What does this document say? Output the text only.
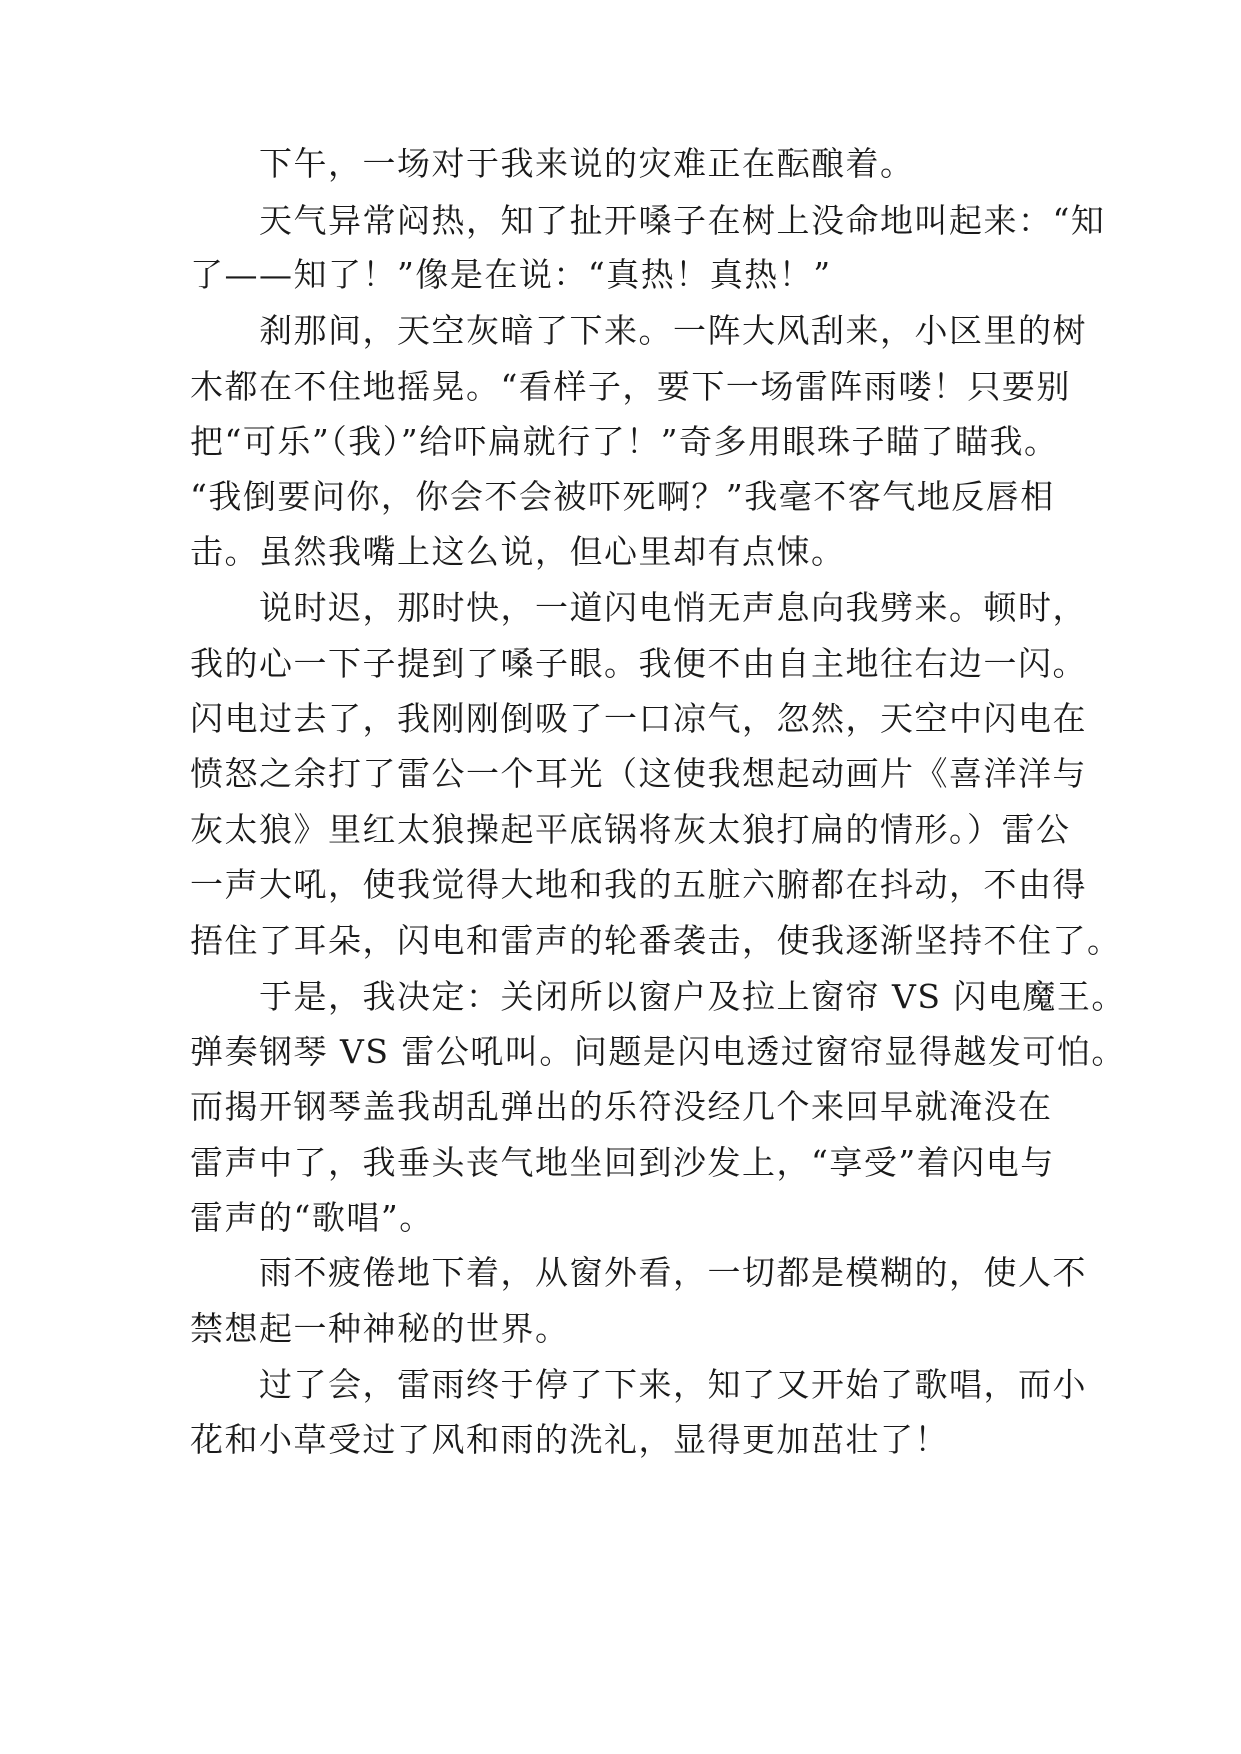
　　下午，一场对于我来说的灾难正在酝酿着。
　　天气异常闷热，知了扯开嗓子在树上没命地叫起来：“知
了——知了！”像是在说：“真热！真热！”
　　刹那间，天空灰暗了下来。一阵大风刮来，小区里的树
木都在不住地摇晃。“看样子，要下一场雷阵雨喽！只要别
把“可乐”（我）”给吓扁就行了！”奇多用眼珠子瞄了瞄我。
“我倒要问你，你会不会被吓死啊？”我毫不客气地反唇相
击。虽然我嘴上这么说，但心里却有点悚。
　　说时迟，那时快，一道闪电悄无声息向我劈来。顿时，
我的心一下子提到了嗓子眼。我便不由自主地往右边一闪。
闪电过去了，我刚刚倒吸了一口凉气，忽然，天空中闪电在
愤怒之余打了雷公一个耳光（这使我想起动画片《喜洋洋与
灰太狼》里红太狼操起平底锅将灰太狼打扁的情形。）雷公
一声大吼，使我觉得大地和我的五脏六腑都在抖动，不由得
捂住了耳朵，闪电和雷声的轮番袭击，使我逐渐坚持不住了。
　　于是，我决定：关闭所以窗户及拉上窗帘 VS 闪电魔王。
弹奏钢琴 VS 雷公吼叫。问题是闪电透过窗帘显得越发可怕。
而揭开钢琴盖我胡乱弹出的乐符没经几个来回早就淹没在
雷声中了，我垂头丧气地坐回到沙发上，“享受”着闪电与
雷声的“歌唱”。
　　雨不疲倦地下着，从窗外看，一切都是模糊的，使人不
禁想起一种神秘的世界。
　　过了会，雷雨终于停了下来，知了又开始了歌唱，而小
花和小草受过了风和雨的洗礼，显得更加茁壮了！
